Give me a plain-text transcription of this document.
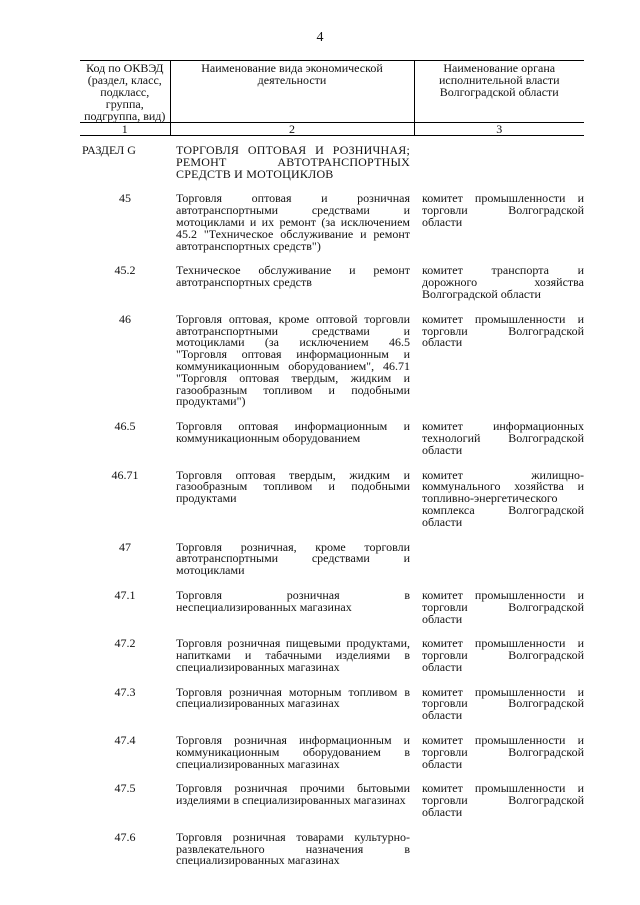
4
Код по ОКВЭД (раздел, класс, подкласс, группа, подгруппа, вид)	Наименование вида экономической деятельности	Наименование органа исполнительной власти Волгоградской области
1	2	3
РАЗДЕЛ G	ТОРГОВЛЯ ОПТОВАЯ И РОЗНИЧНАЯ; РЕМОНТ АВТОТРАНСПОРТНЫХ СРЕДСТВ И МОТОЦИКЛОВ	
45	Торговля оптовая и розничная автотранспортными средствами и мотоциклами и их ремонт (за исключением 45.2 "Техническое обслуживание и ремонт автотранспортных средств")	комитет промышленности и торговли Волгоградской области
45.2	Техническое обслуживание и ремонт автотранспортных средств	комитет транспорта и дорожного хозяйства Волгоградской области
46	Торговля оптовая, кроме оптовой торговли автотранспортными средствами и мотоциклами (за исключением 46.5 "Торговля оптовая информационным и коммуникационным оборудованием", 46.71 "Торговля оптовая твердым, жидким и газообразным топливом и подобными продуктами")	комитет промышленности и торговли Волгоградской области
46.5	Торговля оптовая информационным и коммуникационным оборудованием	комитет информационных технологий Волгоградской области
46.71	Торговля оптовая твердым, жидким и газообразным топливом и подобными продуктами	комитет жилищно-коммунального хозяйства и топливно-энергетического комплекса Волгоградской области
47	Торговля розничная, кроме торговли автотранспортными средствами и мотоциклами	
47.1	Торговля розничная в неспециализированных магазинах	комитет промышленности и торговли Волгоградской области
47.2	Торговля розничная пищевыми продуктами, напитками и табачными изделиями в специализированных магазинах	комитет промышленности и торговли Волгоградской области
47.3	Торговля розничная моторным топливом в специализированных магазинах	комитет промышленности и торговли Волгоградской области
47.4	Торговля розничная информационным и коммуникационным оборудованием в специализированных магазинах	комитет промышленности и торговли Волгоградской области
47.5	Торговля розничная прочими бытовыми изделиями в специализированных магазинах	комитет промышленности и торговли Волгоградской области
47.6	Торговля розничная товарами культурно-развлекательного назначения в специализированных магазинах	
